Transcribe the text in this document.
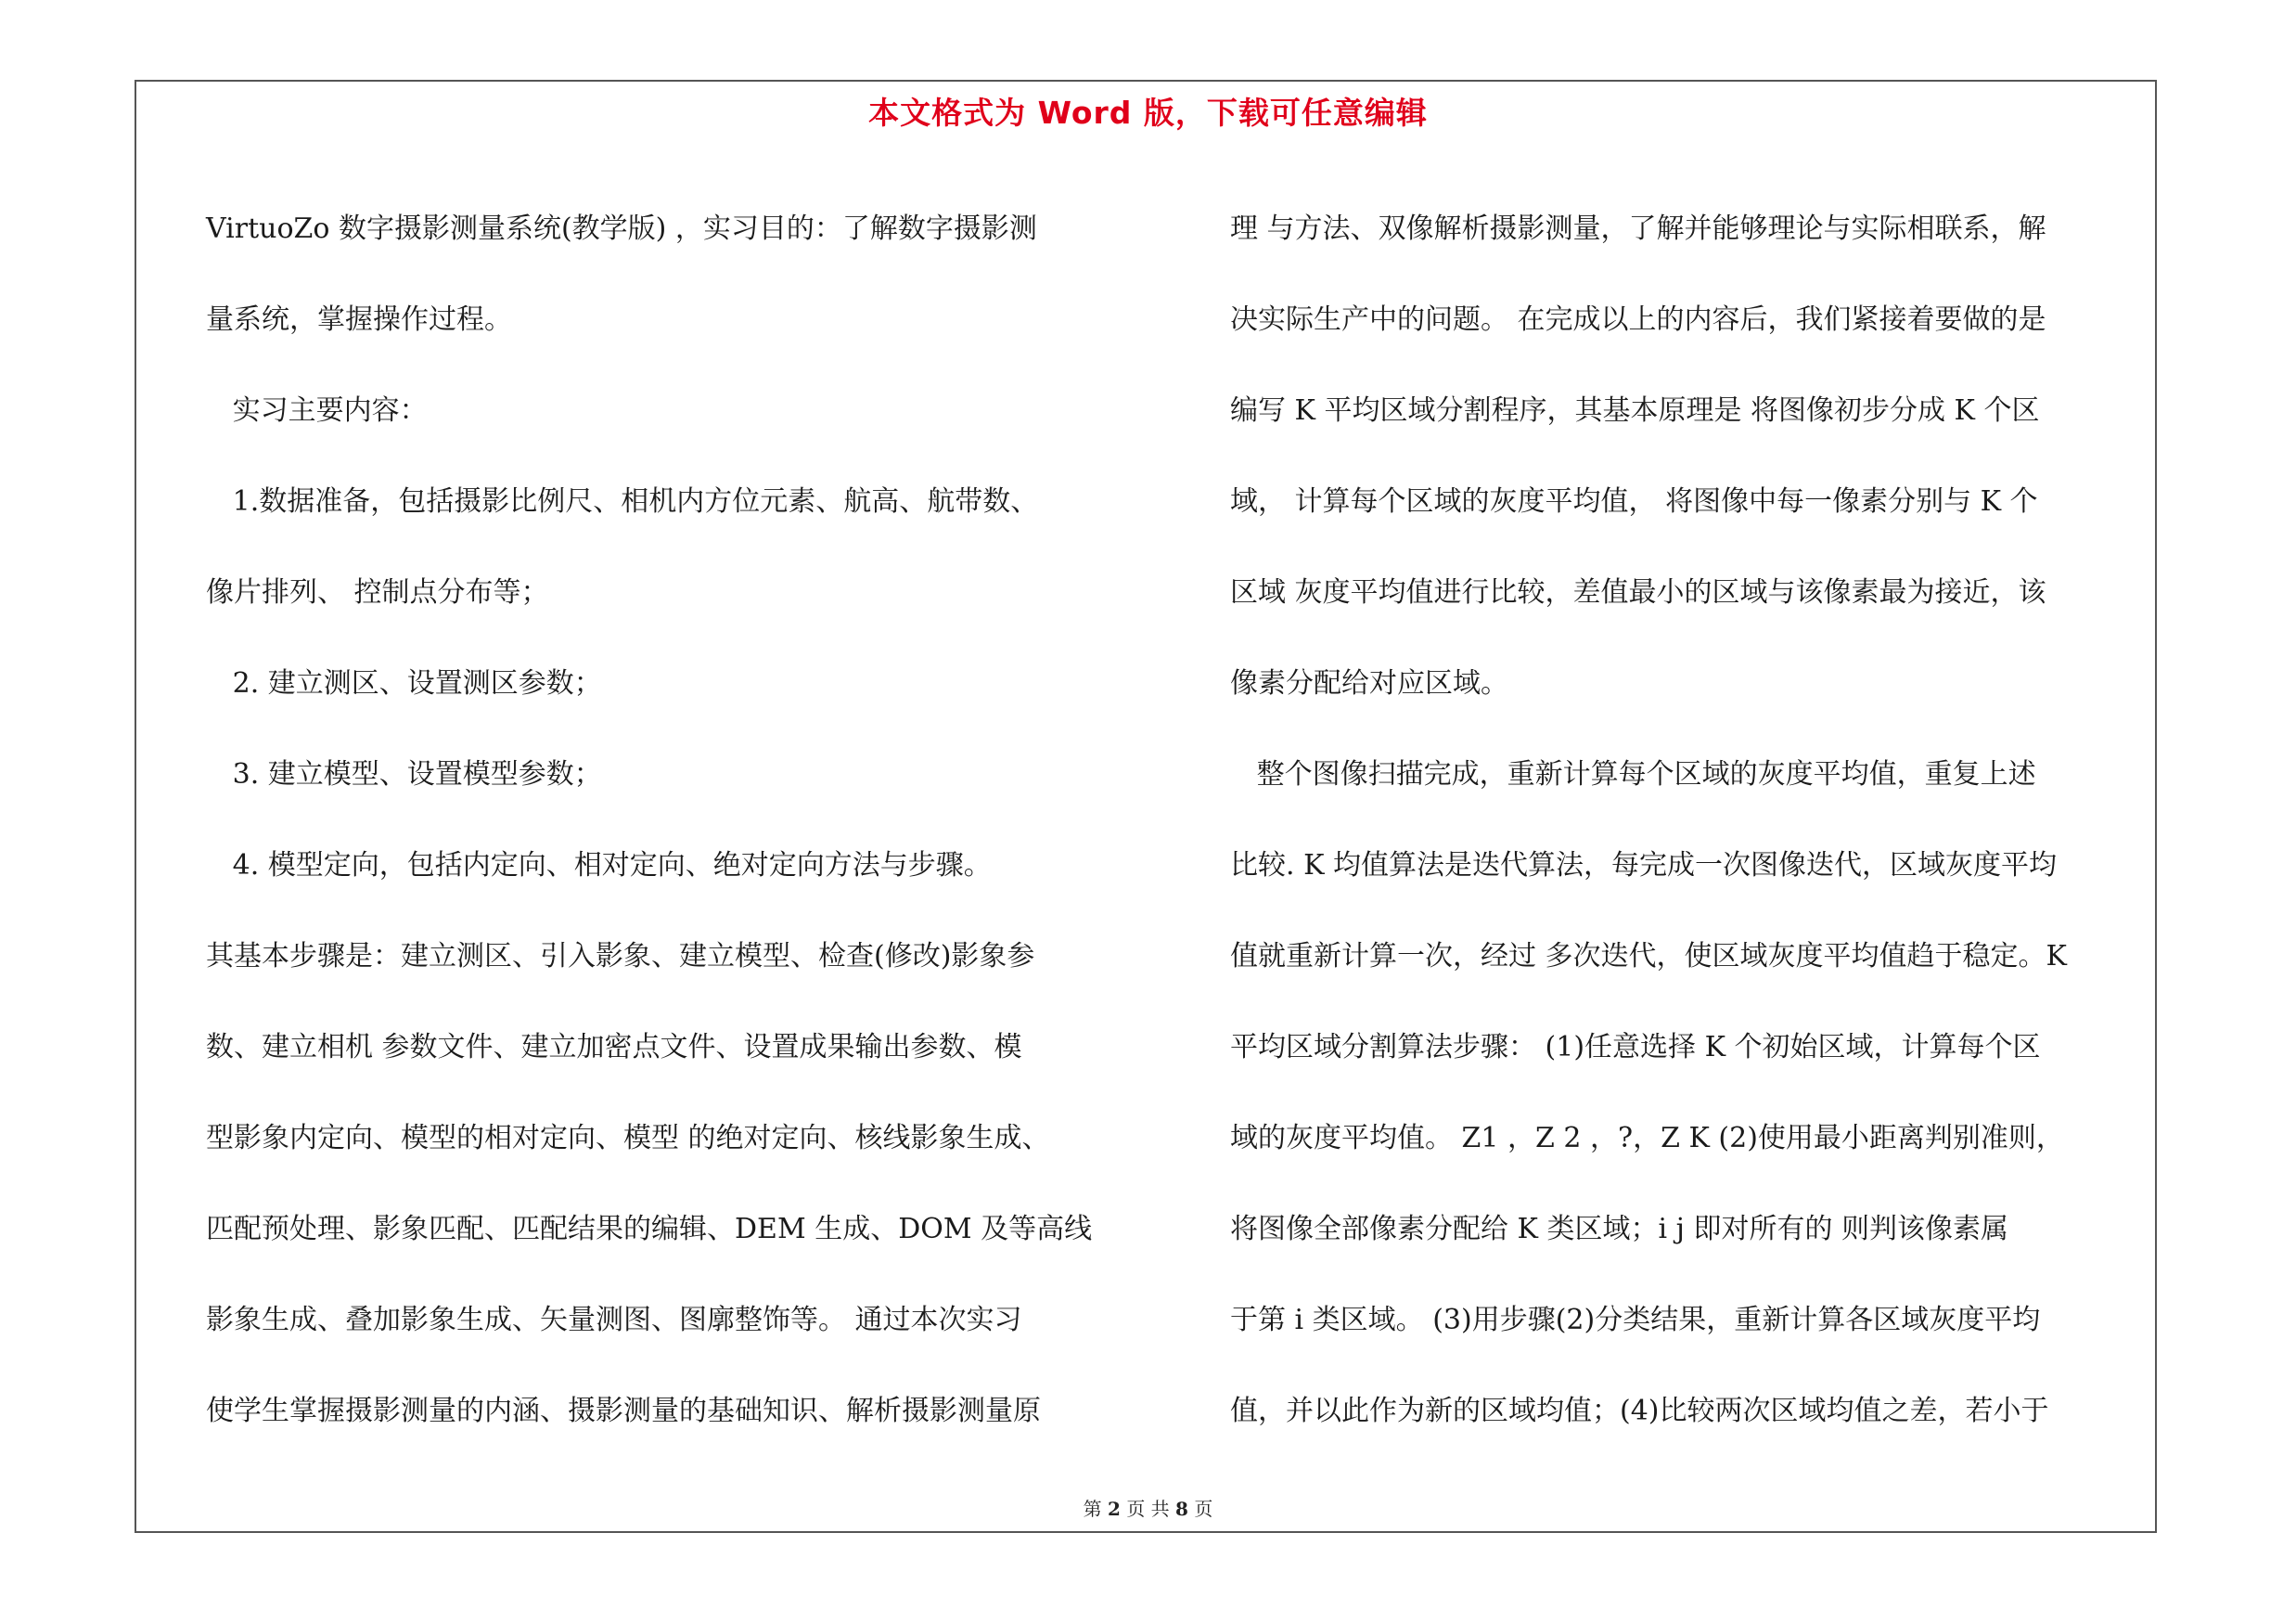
本文格式为 Word 版，下载可任意编辑
VirtuoZo 数字摄影测量系统(教学版) ，实习目的：了解数字摄影测
量系统，掌握操作过程。
实习主要内容：
1.数据准备，包括摄影比例尺、相机内方位元素、航高、航带数、
像片排列、 控制点分布等；
2. 建立测区、设置测区参数；
3. 建立模型、设置模型参数；
4. 模型定向，包括内定向、相对定向、绝对定向方法与步骤。
其基本步骤是：建立测区、引入影象、建立模型、检查(修改)影象参
数、建立相机 参数文件、建立加密点文件、设置成果输出参数、模
型影象内定向、模型的相对定向、模型 的绝对定向、核线影象生成、
匹配预处理、影象匹配、匹配结果的编辑、DEM 生成、DOM 及等高线
影象生成、叠加影象生成、矢量测图、图廓整饰等。 通过本次实习
使学生掌握摄影测量的内涵、摄影测量的基础知识、解析摄影测量原
理 与方法、双像解析摄影测量，了解并能够理论与实际相联系，解
决实际生产中的问题。 在完成以上的内容后，我们紧接着要做的是
编写 K 平均区域分割程序，其基本原理是 将图像初步分成 K 个区
域， 计算每个区域的灰度平均值， 将图像中每一像素分别与 K 个
区域 灰度平均值进行比较，差值最小的区域与该像素最为接近，该
像素分配给对应区域。
整个图像扫描完成，重新计算每个区域的灰度平均值，重复上述
比较. K 均值算法是迭代算法，每完成一次图像迭代，区域灰度平均
值就重新计算一次，经过 多次迭代，使区域灰度平均值趋于稳定。K
平均区域分割算法步骤： (1)任意选择 K 个初始区域，计算每个区
域的灰度平均值。 Z1 ，Z 2 ，?，Z K (2)使用最小距离判别准则，
将图像全部像素分配给 K 类区域；i j 即对所有的 则判该像素属
于第 i 类区域。 (3)用步骤(2)分类结果，重新计算各区域灰度平均
值，并以此作为新的区域均值；(4)比较两次区域均值之差，若小于
第 2 页 共 8 页
